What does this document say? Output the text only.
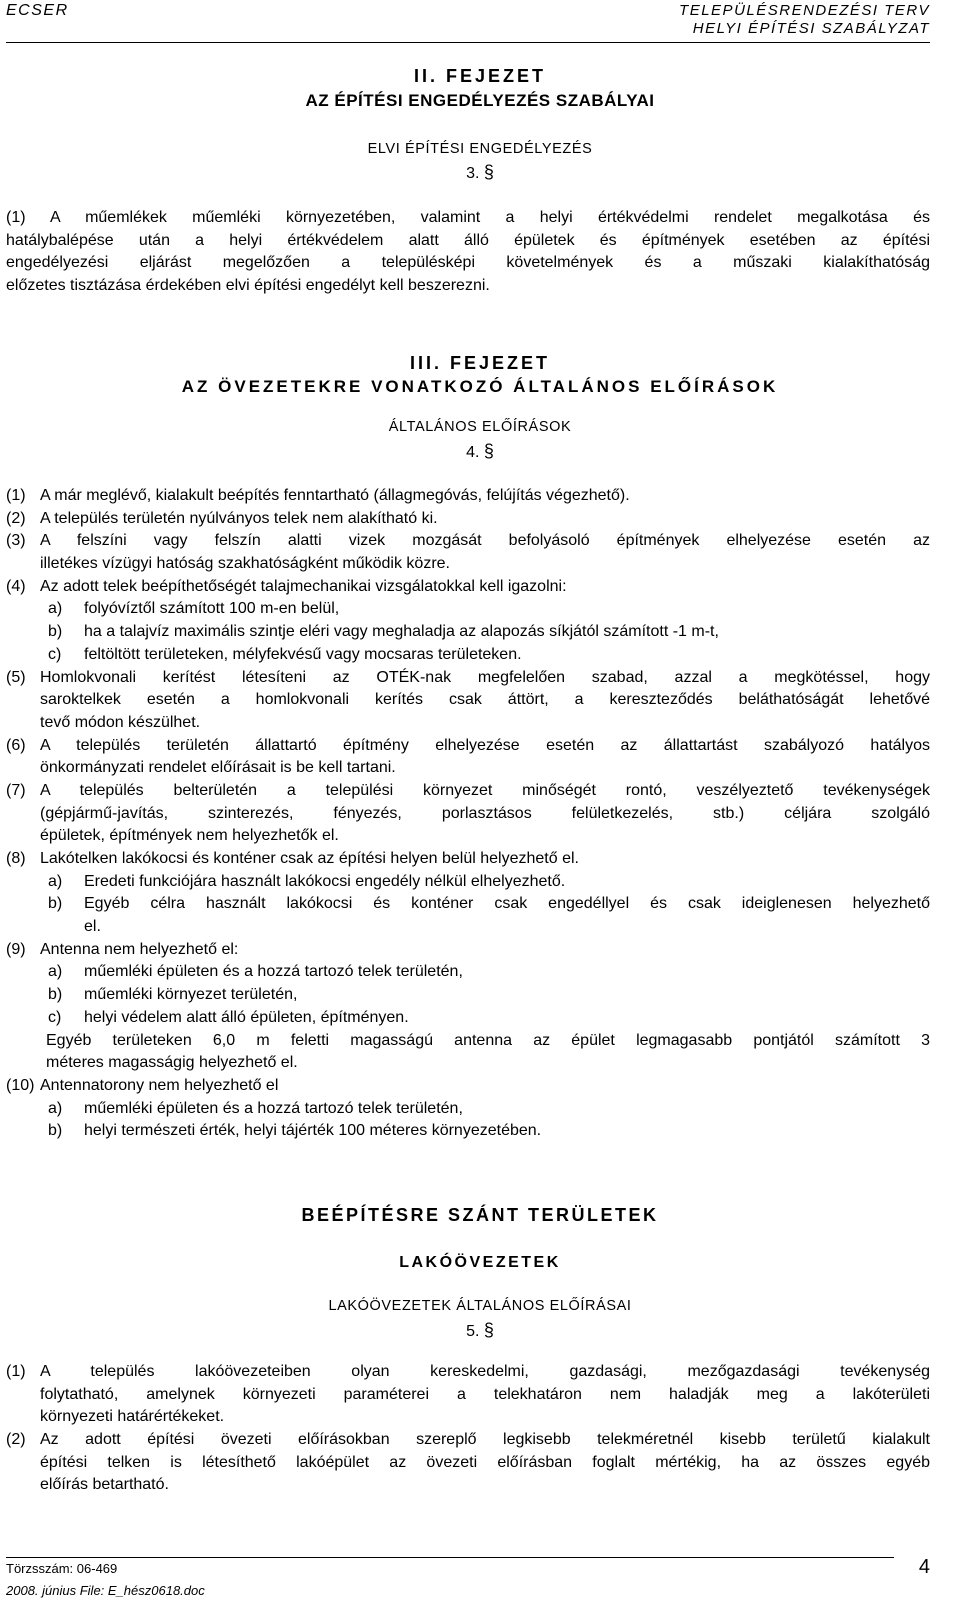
ECSER	TELEPÜLÉSRENDEZÉSI TERV
HELYI ÉPÍTÉSI SZABÁLYZAT
II. FEJEZET
AZ ÉPÍTÉSI ENGEDÉLYEZÉS SZABÁLYAI
ELVI ÉPÍTÉSI ENGEDÉLYEZÉS
3. §
(1) A műemlékek műemléki környezetében, valamint a helyi értékvédelmi rendelet megalkotása és
hatálybalépése után a helyi értékvédelem alatt álló épületek és építmények esetében az építési
engedélyezési eljárást megelőzően a településképi követelmények és a műszaki kialakíthatóság
előzetes tisztázása érdekében elvi építési engedélyt kell beszerezni.
III. FEJEZET
AZ ÖVEZETEKRE VONATKOZÓ ÁLTALÁNOS ELŐÍRÁSOK
ÁLTALÁNOS ELŐÍRÁSOK
4. §
(1) A már meglévő, kialakult beépítés fenntartható (állagmegóvás, felújítás végezhető).
(2) A település területén nyúlványos telek nem alakítható ki.
(3) A felszíni vagy felszín alatti vizek mozgását befolyásoló építmények elhelyezése esetén az
illetékes vízügyi hatóság szakhatóságként működik közre.
(4) Az adott telek beépíthetőségét talajmechanikai vizsgálatokkal kell igazolni:
a) folyóvíztől számított 100 m-en belül,
b) ha a talajvíz maximális szintje eléri vagy meghaladja az alapozás síkjától számított -1 m-t,
c) feltöltött területeken, mélyfekvésű vagy mocsaras területeken.
(5) Homlokvonali kerítést létesíteni az OTÉK-nak megfelelően szabad, azzal a megkötéssel, hogy
saroktelkek esetén a homlokvonali kerítés csak áttört, a kereszteződés beláthatóságát lehetővé
tevő módon készülhet.
(6) A település területén állattartó építmény elhelyezése esetén az állattartást szabályozó hatályos
önkormányzati rendelet előírásait is be kell tartani.
(7) A település belterületén a települési környezet minőségét rontó, veszélyeztető tevékenységek
(gépjármű-javítás, szinterezés, fényezés, porlasztásos felületkezelés, stb.) céljára szolgáló
épületek, építmények nem helyezhetők el.
(8) Lakótelken lakókocsi és konténer csak az építési helyen belül helyezhető el.
a) Eredeti funkciójára használt lakókocsi engedély nélkül elhelyezhető.
b) Egyéb célra használt lakókocsi és konténer csak engedéllyel és csak ideiglenesen helyezhető
el.
(9) Antenna nem helyezhető el:
a) műemléki épületen és a hozzá tartozó telek területén,
b) műemléki környezet területén,
c) helyi védelem alatt álló épületen, építményen.
Egyéb területeken 6,0 m feletti magasságú antenna az épület legmagasabb pontjától számított 3
méteres magasságig helyezhető el.
(10) Antennatorony nem helyezhető el
a) műemléki épületen és a hozzá tartozó telek területén,
b) helyi természeti érték, helyi tájérték 100 méteres környezetében.
BEÉPÍTÉSRE SZÁNT TERÜLETEK
LAKÓÖVEZETEK
LAKÓÖVEZETEK ÁLTALÁNOS ELŐÍRÁSAI
5. §
(1) A település lakóövezeteiben olyan kereskedelmi, gazdasági, mezőgazdasági tevékenység
folytatható, amelynek környezeti paraméterei a telekhatáron nem haladják meg a lakóterületi
környezeti határértékeket.
(2) Az adott építési övezeti előírásokban szereplő legkisebb telekméretnél kisebb területű kialakult
építési telken is létesíthető lakóépület az övezeti előírásban foglalt mértékig, ha az összes egyéb
előírás betartható.
Törzsszám: 06-469
2008. június File: E_hész0618.doc
4
